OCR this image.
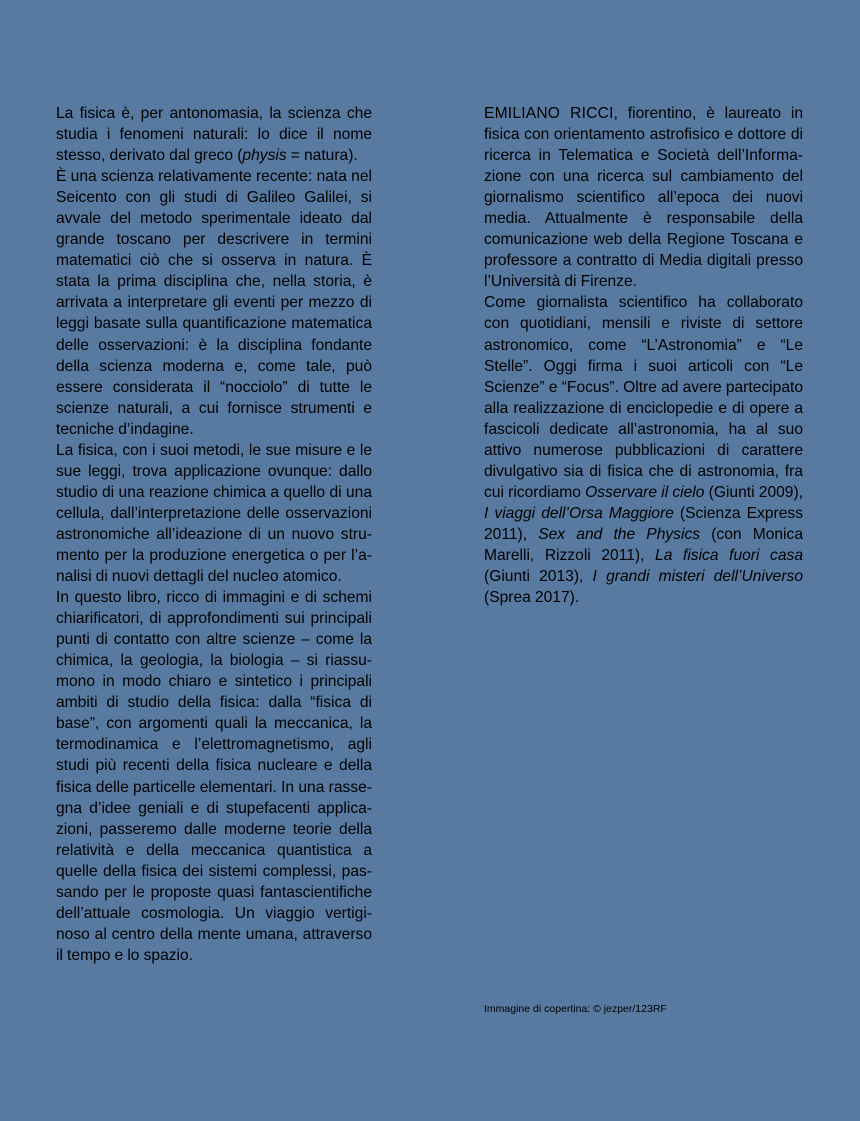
La fisica è, per antonomasia, la scienza che studia i fenomeni naturali: lo dice il nome stesso, derivato dal greco (physis = natura).

È una scienza relativamente recente: nata nel Seicento con gli studi di Galileo Galilei, si avvale del metodo sperimentale ideato dal grande toscano per descrivere in termini matematici ciò che si osserva in natura. È stata la prima disciplina che, nella storia, è arrivata a interpretare gli eventi per mezzo di leggi basate sulla quantificazione matematica delle osservazioni: è la disciplina fondante della scienza moderna e, come tale, può essere considerata il “nocciolo” di tutte le scienze naturali, a cui fornisce strumenti e tecniche d’indagine.

La fisica, con i suoi metodi, le sue misure e le sue leggi, trova applicazione ovunque: dallo studio di una reazione chimica a quello di una cellula, dall’interpretazione delle osservazioni astronomiche all’ideazione di un nuovo strumento per la produzione energetica o per l’analisi di nuovi dettagli del nucleo atomico.

In questo libro, ricco di immagini e di schemi chiarificatori, di approfondimenti sui principali punti di contatto con altre scienze – come la chimica, la geologia, la biologia – si riassumono in modo chiaro e sintetico i principali ambiti di studio della fisica: dalla “fisica di base”, con argomenti quali la meccanica, la termodinamica e l’elettromagnetismo, agli studi più recenti della fisica nucleare e della fisica delle particelle elementari. In una rassegna d’idee geniali e di stupefacenti applicazioni, passeremo dalle moderne teorie della relatività e della meccanica quantistica a quelle della fisica dei sistemi complessi, passando per le proposte quasi fantascientifiche dell’attuale cosmologia. Un viaggio vertiginoso al centro della mente umana, attraverso il tempo e lo spazio.

EMILIANO RICCI, fiorentino, è laureato in fisica con orientamento astrofisico e dottore di ricerca in Telematica e Società dell’Informazione con una ricerca sul cambiamento del giornalismo scientifico all’epoca dei nuovi media. Attualmente è responsabile della comunicazione web della Regione Toscana e professore a contratto di Media digitali presso l’Università di Firenze.

Come giornalista scientifico ha collaborato con quotidiani, mensili e riviste di settore astronomico, come “L’Astronomia” e “Le Stelle”. Oggi firma i suoi articoli con “Le Scienze” e “Focus”. Oltre ad avere partecipato alla realizzazione di enciclopedie e di opere a fascicoli dedicate all’astronomia, ha al suo attivo numerose pubblicazioni di carattere divulgativo sia di fisica che di astronomia, fra cui ricordiamo Osservare il cielo (Giunti 2009), I viaggi dell’Orsa Maggiore (Scienza Express 2011), Sex and the Physics (con Monica Marelli, Rizzoli 2011), La fisica fuori casa (Giunti 2013), I grandi misteri dell’Universo (Sprea 2017).

Immagine di copertina: © jezper/123RF
